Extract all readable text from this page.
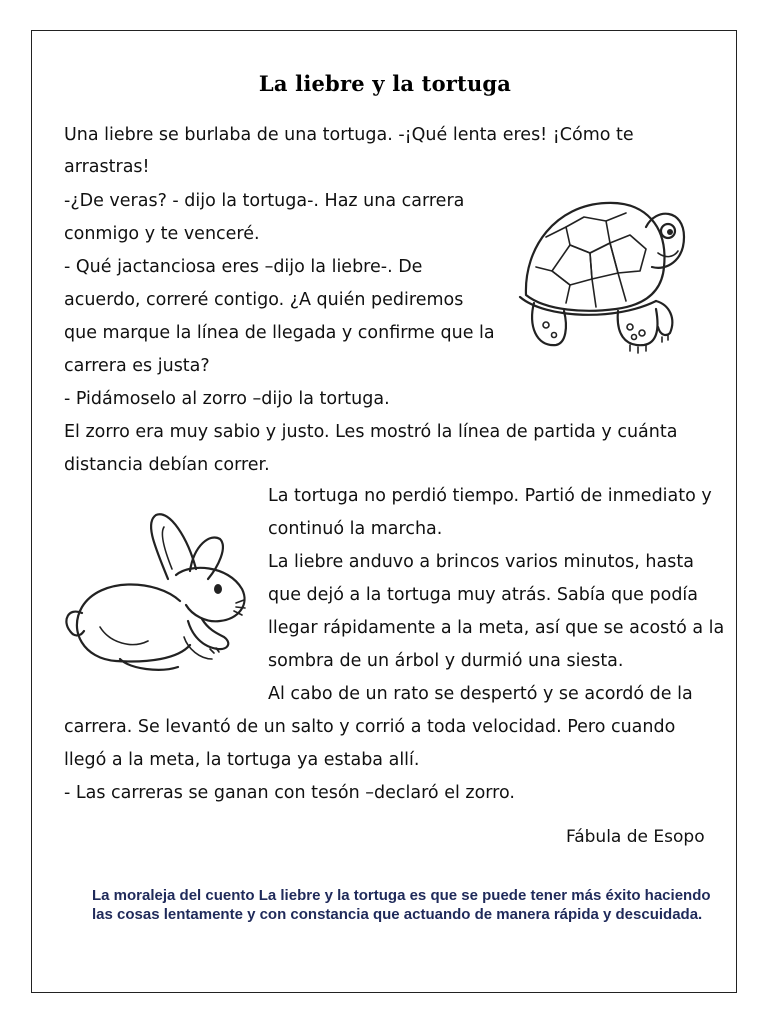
La liebre y la tortuga
Una liebre se burlaba de una tortuga. -¡Qué lenta eres! ¡Cómo te
arrastras!
-¿De veras? - dijo la tortuga-. Haz una carrera
conmigo y te venceré.
- Qué jactanciosa eres –dijo la liebre-. De
acuerdo, correré contigo. ¿A quién pediremos
que marque la línea de llegada y confirme que la
carrera es justa?
- Pidámoselo al zorro –dijo la tortuga.
El zorro era muy sabio y justo. Les mostró la línea de partida y cuánta
distancia debían correr.
La tortuga no perdió tiempo. Partió de inmediato y
continuó la marcha.
La liebre anduvo a brincos varios minutos, hasta
que dejó a la tortuga muy atrás. Sabía que podía
llegar rápidamente a la meta, así que se acostó a la
sombra de un árbol y durmió una siesta.
Al cabo de un rato se despertó y se acordó de la
carrera. Se levantó de un salto y corrió a toda velocidad. Pero cuando
llegó a la meta, la tortuga ya estaba allí.
- Las carreras se ganan con tesón –declaró el zorro.
Fábula de Esopo
La moraleja del cuento La liebre y la tortuga es que se puede tener más éxito haciendo las cosas lentamente y con constancia que actuando de manera rápida y descuidada.
